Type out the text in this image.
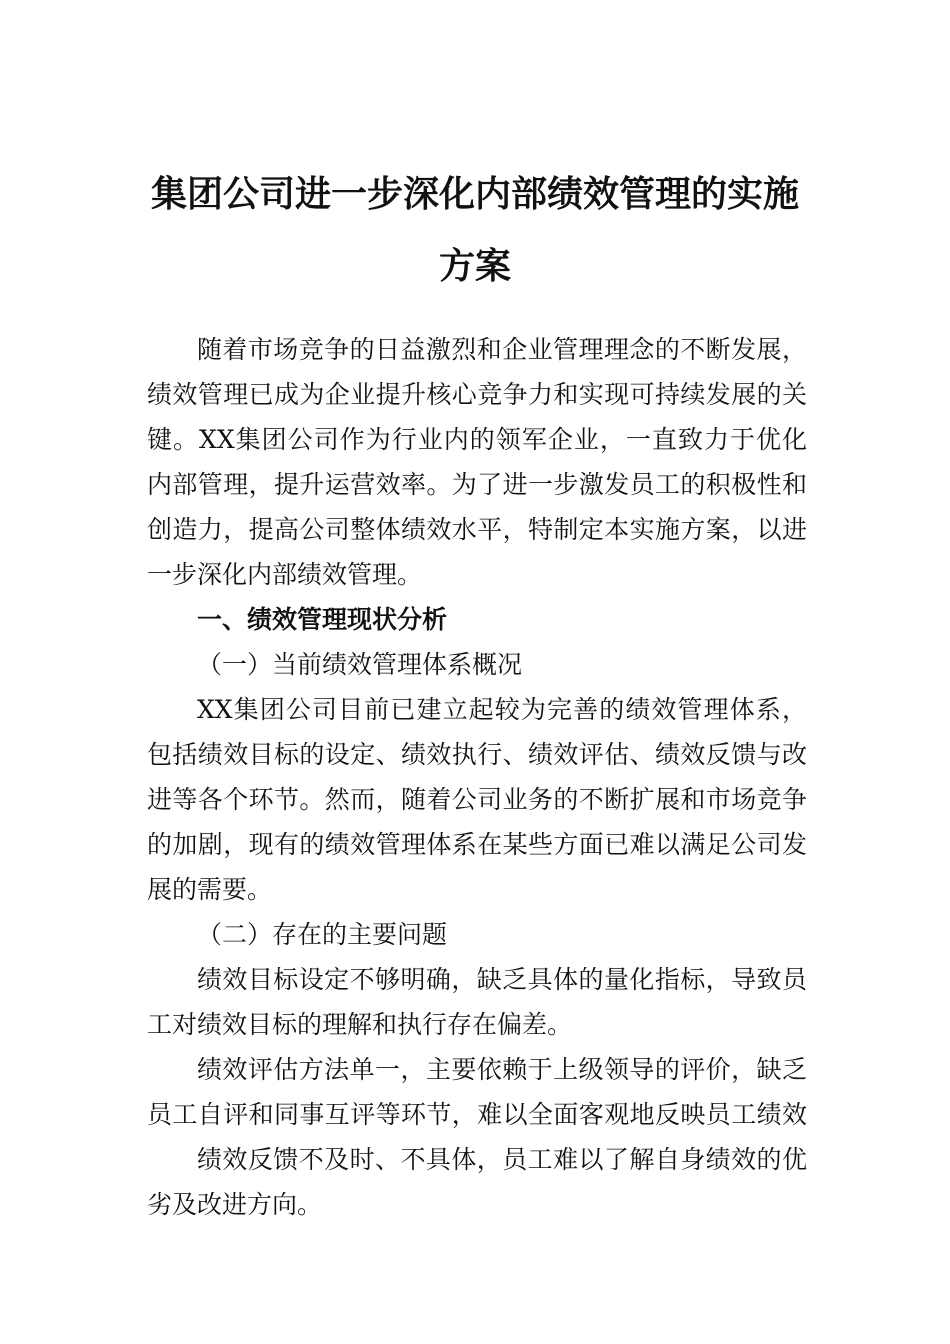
集团公司进一步深化内部绩效管理的实施
方案
随着市场竞争的日益激烈和企业管理理念的不断发展，
绩效管理已成为企业提升核心竞争力和实现可持续发展的关
键。XX集团公司作为行业内的领军企业，一直致力于优化
内部管理，提升运营效率。为了进一步激发员工的积极性和
创造力，提高公司整体绩效水平，特制定本实施方案，以进
一步深化内部绩效管理。
一、绩效管理现状分析
（一）当前绩效管理体系概况
XX集团公司目前已建立起较为完善的绩效管理体系，
包括绩效目标的设定、绩效执行、绩效评估、绩效反馈与改
进等各个环节。然而，随着公司业务的不断扩展和市场竞争
的加剧，现有的绩效管理体系在某些方面已难以满足公司发
展的需要。
（二）存在的主要问题
绩效目标设定不够明确，缺乏具体的量化指标，导致员
工对绩效目标的理解和执行存在偏差。
绩效评估方法单一，主要依赖于上级领导的评价，缺乏
员工自评和同事互评等环节，难以全面客观地反映员工绩效
绩效反馈不及时、不具体，员工难以了解自身绩效的优
劣及改进方向。
